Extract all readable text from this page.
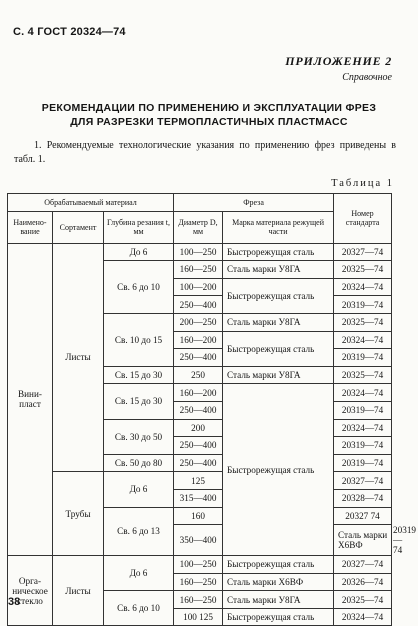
С. 4 ГОСТ 20324—74
ПРИЛОЖЕНИЕ 2
Справочное
РЕКОМЕНДАЦИИ ПО ПРИМЕНЕНИЮ И ЭКСПЛУАТАЦИИ ФРЕЗ
ДЛЯ РАЗРЕЗКИ ТЕРМОПЛАСТИЧНЫХ ПЛАСТМАСС
1. Рекомендуемые технологические указания по применению фрез приведены в табл. 1.
Таблица 1
Обрабатываемый материал			Фреза		Номер стандарта	
Наимено-вание	Сортамент	Глубина резания t, мм	Диаметр D, мм	Марка материала режущей части		
Вини-пласт	Листы	До 6	100—250	Быстрорежущая сталь	20327—74	
		Св. 6 до 10	160—250	Сталь марки У8ГА	20325—74	
			100—200	Быстрорежущая сталь	20324—74	
			250—400		20319—74	
		Св. 10 до 15	200—250	Сталь марки У8ГА	20325—74	
			160—200	Быстрорежущая сталь	20324—74	
			250—400		20319—74	
		Св. 15 до 30	250	Сталь марки У8ГА	20325—74	
		Св. 15 до 30	160—200	Быстрорежущая сталь	20324—74	
			250—400		20319—74	
		Св. 30 до 50	200		20324—74	
			250—400		20319—74	
		Св. 50 до 80	250—400		20319—74	
	Трубы	До 6	125		20327—74	
			315—400		20328—74	
		Св. 6 до 13	160		20327 74	
			350—400		Сталь марки Х6ВФ	20319—74
Орга-ническое стекло	Листы	До 6	100—250	Быстрорежущая сталь	20327—74	
			160—250	Сталь марки Х6ВФ	20326—74	
		Св. 6 до 10	160—250	Сталь марки У8ГА	20325—74	
			100 125	Быстрорежущая сталь	20324—74	
38
